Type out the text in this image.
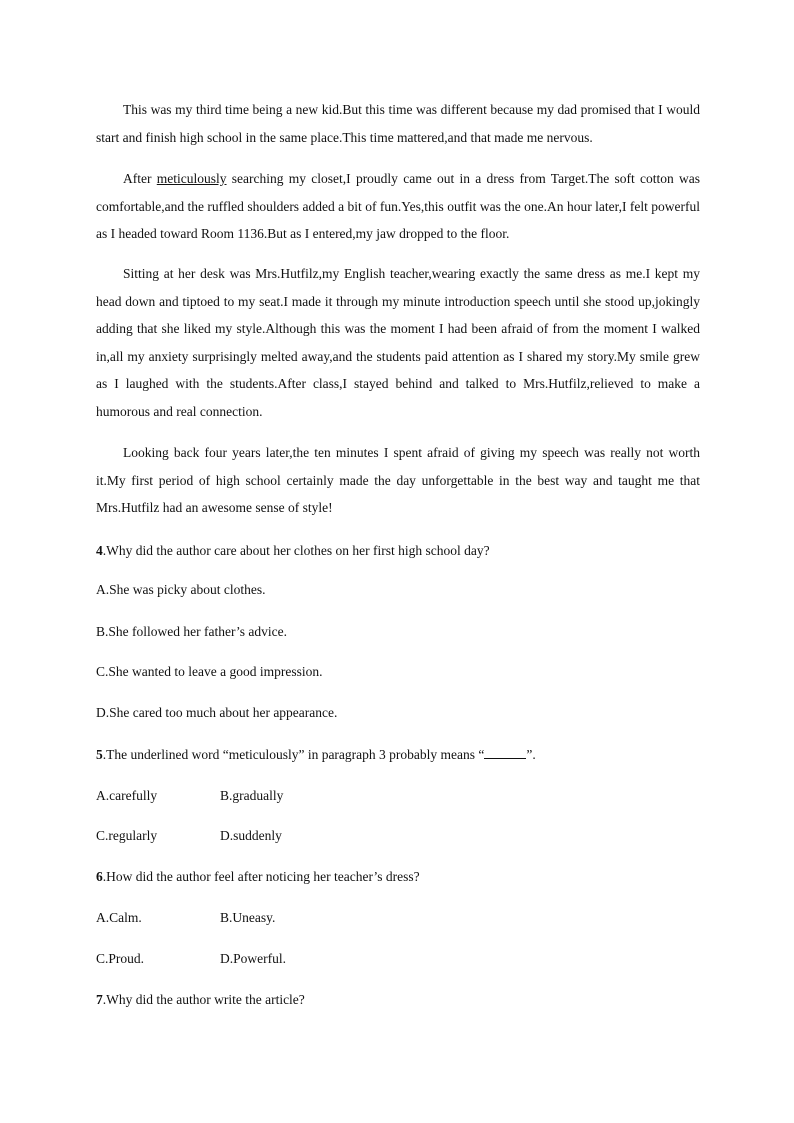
This was my third time being a new kid.But this time was different because my dad promised that I would start and finish high school in the same place.This time mattered,and that made me nervous.

After meticulously searching my closet,I proudly came out in a dress from Target.The soft cotton was comfortable,and the ruffled shoulders added a bit of fun.Yes,this outfit was the one.An hour later,I felt powerful as I headed toward Room 1136.But as I entered,my jaw dropped to the floor.

Sitting at her desk was Mrs.Hutfilz,my English teacher,wearing exactly the same dress as me.I kept my head down and tiptoed to my seat.I made it through my minute introduction speech until she stood up,jokingly adding that she liked my style.Although this was the moment I had been afraid of from the moment I walked in,all my anxiety surprisingly melted away,and the students paid attention as I shared my story.My smile grew as I laughed with the students.After class,I stayed behind and talked to Mrs.Hutfilz,relieved to make a humorous and real connection.

Looking back four years later,the ten minutes I spent afraid of giving my speech was really not worth it.My first period of high school certainly made the day unforgettable in the best way and taught me that Mrs.Hutfilz had an awesome sense of style!

4.Why did the author care about her clothes on her first high school day?
A.She was picky about clothes.
B.She followed her father’s advice.
C.She wanted to leave a good impression.
D.She cared too much about her appearance.
5.The underlined word “meticulously” in paragraph 3 probably means “	”.
A.carefully	B.gradually
C.regularly	D.suddenly
6.How did the author feel after noticing her teacher’s dress?
A.Calm.	B.Uneasy.
C.Proud.	D.Powerful.
7.Why did the author write the article?
